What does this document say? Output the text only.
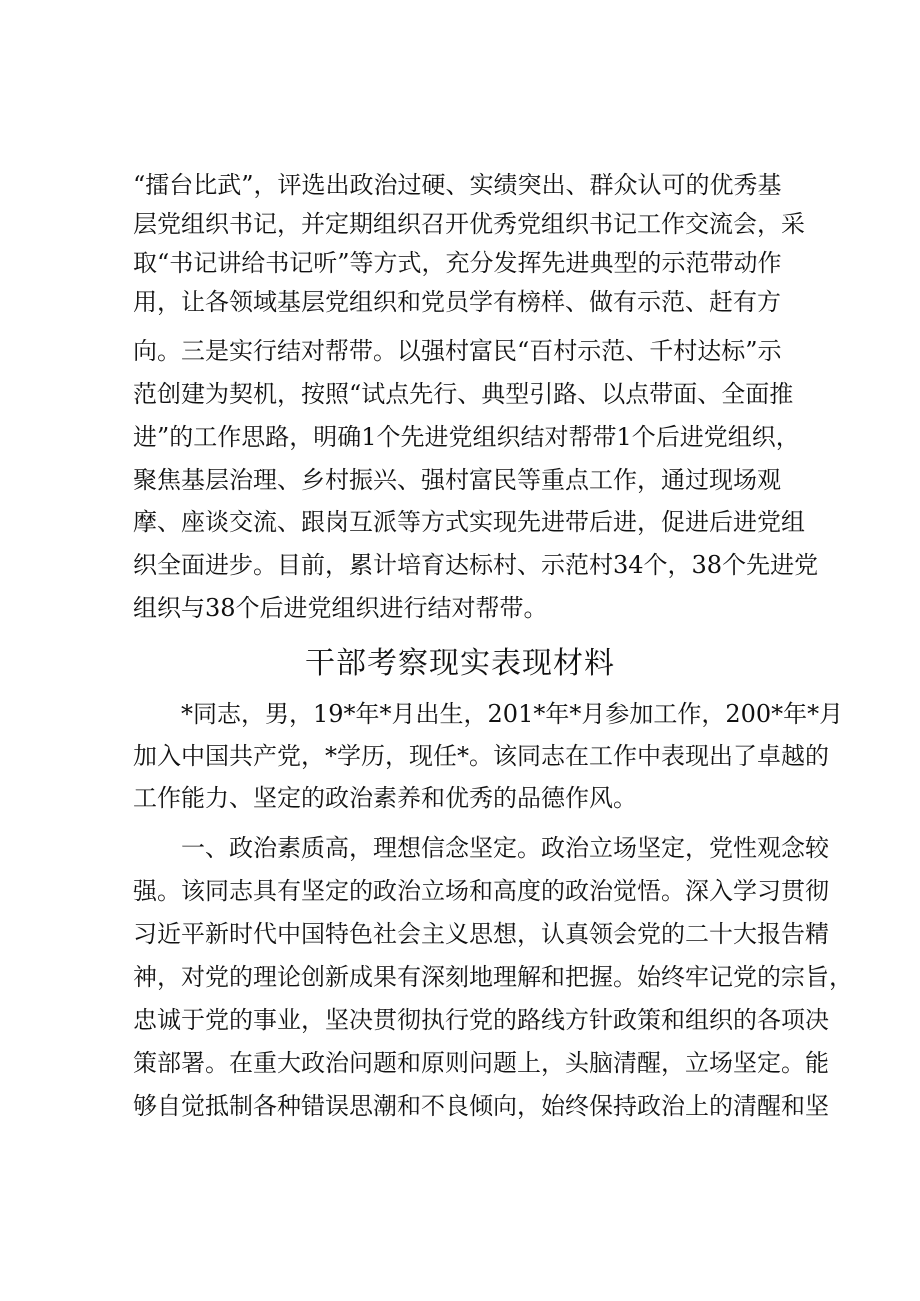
“擂台比武”，评选出政治过硬、实绩突出、群众认可的优秀基
层党组织书记，并定期组织召开优秀党组织书记工作交流会，采
取“书记讲给书记听”等方式，充分发挥先进典型的示范带动作
用，让各领域基层党组织和党员学有榜样、做有示范、赶有方
向。三是实行结对帮带。以强村富民“百村示范、千村达标”示
范创建为契机，按照“试点先行、典型引路、以点带面、全面推
进”的工作思路，明确1个先进党组织结对帮带1个后进党组织，
聚焦基层治理、乡村振兴、强村富民等重点工作，通过现场观
摩、座谈交流、跟岗互派等方式实现先进带后进，促进后进党组
织全面进步。目前，累计培育达标村、示范村34个，38个先进党
组织与38个后进党组织进行结对帮带。
干部考察现实表现材料
　　*同志，男，19*年*月出生，201*年*月参加工作，200*年*月
加入中国共产党，*学历，现任*。该同志在工作中表现出了卓越的
工作能力、坚定的政治素养和优秀的品德作风。
　　一、政治素质高，理想信念坚定。政治立场坚定，党性观念较
强。该同志具有坚定的政治立场和高度的政治觉悟。深入学习贯彻
习近平新时代中国特色社会主义思想，认真领会党的二十大报告精
神，对党的理论创新成果有深刻地理解和把握。始终牢记党的宗旨，
忠诚于党的事业，坚决贯彻执行党的路线方针政策和组织的各项决
策部署。在重大政治问题和原则问题上，头脑清醒，立场坚定。能
够自觉抵制各种错误思潮和不良倾向，始终保持政治上的清醒和坚
